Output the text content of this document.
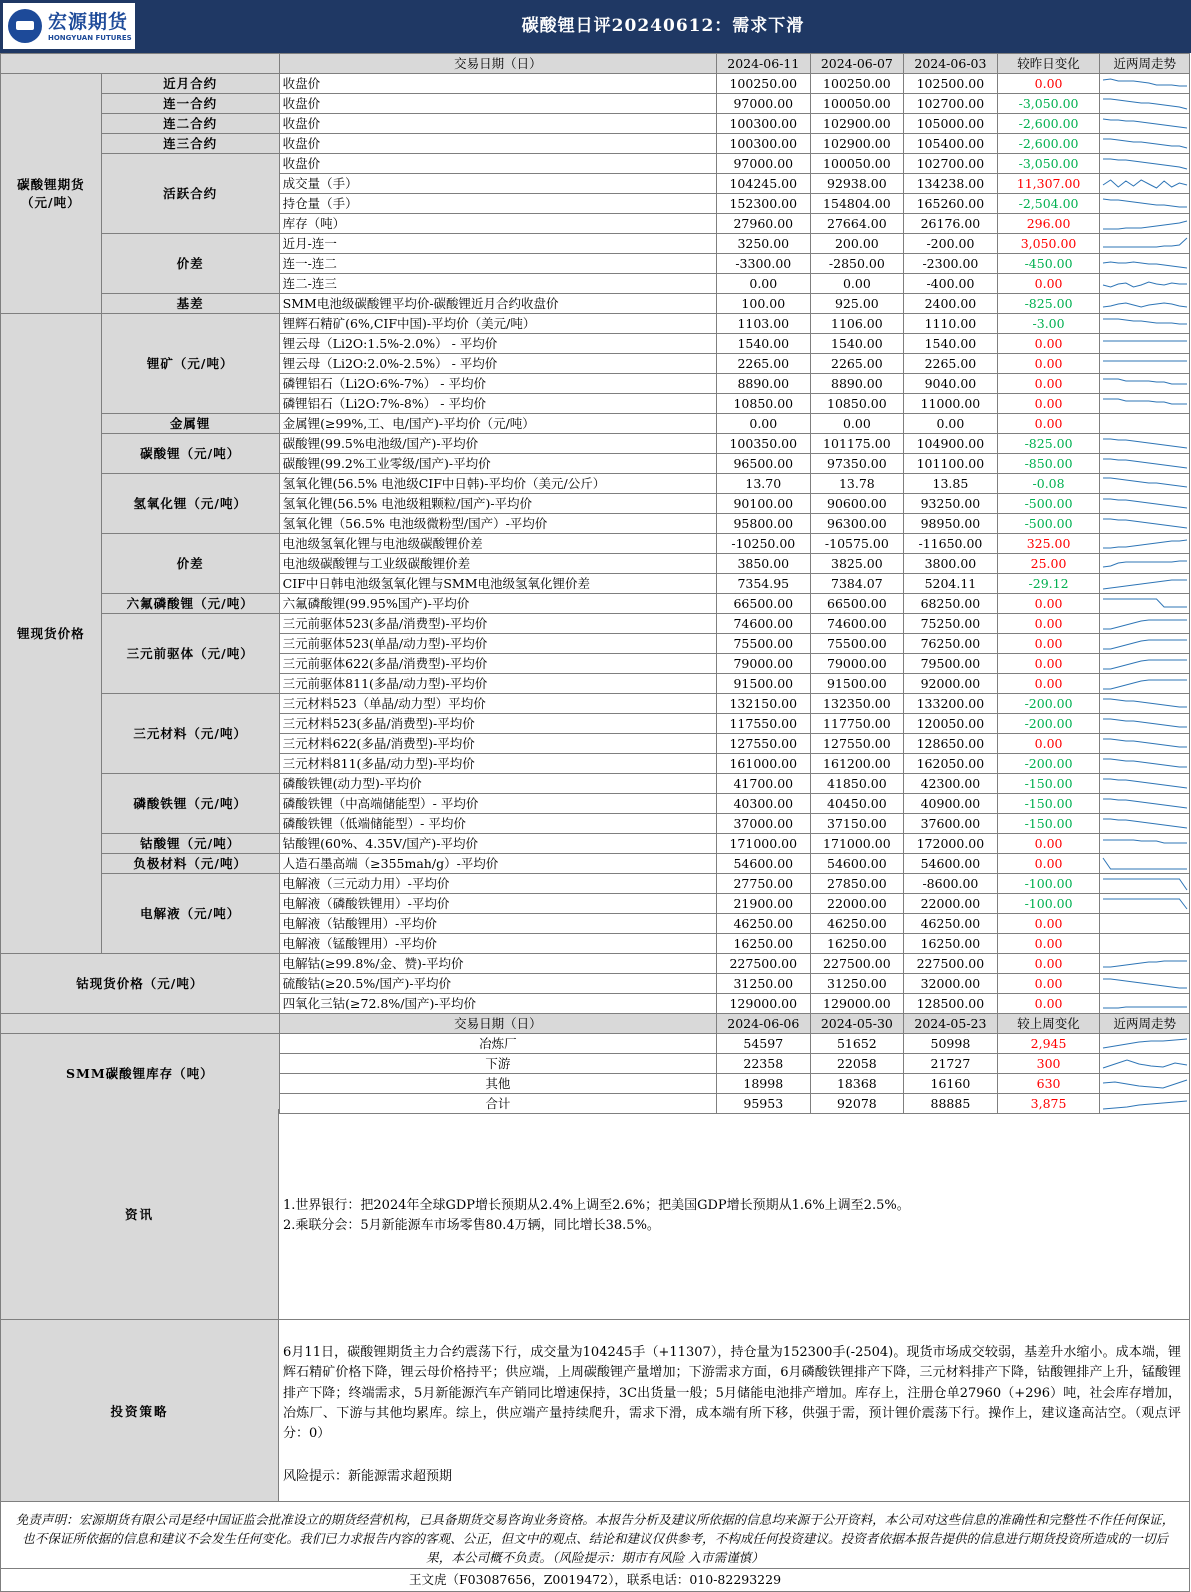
宏源期货
HONGYUAN FUTURES
碳酸锂日评20240612：需求下滑
		交易日期（日）	2024-06-11	2024-06-07	2024-06-03	较昨日变化	近两周走势
碳酸锂期货
（元/吨）	近月合约	收盘价	100250.00	100250.00	102500.00	0.00	

	连一合约	收盘价	97000.00	100050.00	102700.00	-3,050.00	

	连二合约	收盘价	100300.00	102900.00	105000.00	-2,600.00	

	连三合约	收盘价	100300.00	102900.00	105400.00	-2,600.00	

	活跃合约	收盘价	97000.00	100050.00	102700.00	-3,050.00	

		成交量（手）	104245.00	92938.00	134238.00	11,307.00	

		持仓量（手）	152300.00	154804.00	165260.00	-2,504.00	

		库存（吨）	27960.00	27664.00	26176.00	296.00	

	价差	近月-连一	3250.00	200.00	-200.00	3,050.00	

		连一-连二	-3300.00	-2850.00	-2300.00	-450.00	

		连二-连三	0.00	0.00	-400.00	0.00	

	基差	SMM电池级碳酸锂平均价-碳酸锂近月合约收盘价	100.00	925.00	2400.00	-825.00	

锂现货价格	锂矿（元/吨）	锂辉石精矿(6%,CIF中国)-平均价（美元/吨）	1103.00	1106.00	1110.00	-3.00	

		锂云母（Li2O:1.5%-2.0%） - 平均价	1540.00	1540.00	1540.00	0.00	

		锂云母（Li2O:2.0%-2.5%） - 平均价	2265.00	2265.00	2265.00	0.00	

		磷锂铝石（Li2O:6%-7%） - 平均价	8890.00	8890.00	9040.00	0.00	

		磷锂铝石（Li2O:7%-8%） - 平均价	10850.00	10850.00	11000.00	0.00	

	金属锂	金属锂(≥99%,工、电/国产)-平均价（元/吨）	0.00	0.00	0.00	0.00	

	碳酸锂（元/吨）	碳酸锂(99.5%电池级/国产)-平均价	100350.00	101175.00	104900.00	-825.00	

		碳酸锂(99.2%工业零级/国产)-平均价	96500.00	97350.00	101100.00	-850.00	

	氢氧化锂（元/吨）	氢氧化锂(56.5% 电池级CIF中日韩)-平均价（美元/公斤）	13.70	13.78	13.85	-0.08	

		氢氧化锂(56.5% 电池级粗颗粒/国产)-平均价	90100.00	90600.00	93250.00	-500.00	

		氢氧化锂（56.5% 电池级微粉型/国产）-平均价	95800.00	96300.00	98950.00	-500.00	

	价差	电池级氢氧化锂与电池级碳酸锂价差	-10250.00	-10575.00	-11650.00	325.00	

		电池级碳酸锂与工业级碳酸锂价差	3850.00	3825.00	3800.00	25.00	

		CIF中日韩电池级氢氧化锂与SMM电池级氢氧化锂价差	7354.95	7384.07	5204.11	-29.12	

	六氟磷酸锂（元/吨）	六氟磷酸锂(99.95%国产)-平均价	66500.00	66500.00	68250.00	0.00	

	三元前驱体（元/吨）	三元前驱体523(多晶/消费型)-平均价	74600.00	74600.00	75250.00	0.00	

		三元前驱体523(单晶/动力型)-平均价	75500.00	75500.00	76250.00	0.00	

		三元前驱体622(多晶/消费型)-平均价	79000.00	79000.00	79500.00	0.00	

		三元前驱体811(多晶/动力型)-平均价	91500.00	91500.00	92000.00	0.00	

	三元材料（元/吨）	三元材料523（单晶/动力型）平均价	132150.00	132350.00	133200.00	-200.00	

		三元材料523(多晶/消费型)-平均价	117550.00	117750.00	120050.00	-200.00	

		三元材料622(多晶/消费型)-平均价	127550.00	127550.00	128650.00	0.00	

		三元材料811(多晶/动力型)-平均价	161000.00	161200.00	162050.00	-200.00	

	磷酸铁锂（元/吨）	磷酸铁锂(动力型)-平均价	41700.00	41850.00	42300.00	-150.00	

		磷酸铁锂（中高端储能型）- 平均价	40300.00	40450.00	40900.00	-150.00	

		磷酸铁锂（低端储能型）- 平均价	37000.00	37150.00	37600.00	-150.00	

	钴酸锂（元/吨）	钴酸锂(60%、4.35V/国产)-平均价	171000.00	171000.00	172000.00	0.00	

	负极材料（元/吨）	人造石墨高端（≥355mah/g）-平均价	54600.00	54600.00	54600.00	0.00	

	电解液（元/吨）	电解液（三元动力用）-平均价	27750.00	27850.00	-8600.00	-100.00	

		电解液（磷酸铁锂用）-平均价	21900.00	22000.00	22000.00	-100.00	

		电解液（钴酸锂用）-平均价	46250.00	46250.00	46250.00	0.00	

		电解液（锰酸锂用）-平均价	16250.00	16250.00	16250.00	0.00	

钴现货价格（元/吨）		电解钴(≥99.8%/金、赞)-平均价	227500.00	227500.00	227500.00	0.00	

		硫酸钴(≥20.5%/国产)-平均价	31250.00	31250.00	32000.00	0.00	

		四氧化三钴(≥72.8%/国产)-平均价	129000.00	129000.00	128500.00	0.00	

		交易日期（日）	2024-06-06	2024-05-30	2024-05-23	较上周变化	近两周走势
SMM碳酸锂库存（吨）		冶炼厂	54597	51652	50998	2,945	

		下游	22358	22058	21727	300	

		其他	18998	18368	16160	630	

		合计	95953	92078	88885	3,875	
资讯
1.世界银行：把2024年全球GDP增长预期从2.4%上调至2.6%；把美国GDP增长预期从1.6%上调至2.5%。
2.乘联分会：5月新能源车市场零售80.4万辆，同比增长38.5%。
投资策略
6月11日，碳酸锂期货主力合约震荡下行，成交量为104245手（+11307），持仓量为152300手(-2504)。现货市场成交较弱，基差升水缩小。成本端，锂辉石精矿价格下降，锂云母价格持平；供应端，上周碳酸锂产量增加；下游需求方面，6月磷酸铁锂排产下降，三元材料排产下降，钴酸锂排产上升，锰酸锂排产下降；终端需求，5月新能源汽车产销同比增速保持，3C出货量一般；5月储能电池排产增加。库存上，注册仓单27960（+296）吨，社会库存增加，冶炼厂、下游与其他均累库。综上，供应端产量持续爬升，需求下滑，成本端有所下移，供强于需，预计锂价震荡下行。操作上，建议逢高沽空。（观点评分：0）
风险提示：新能源需求超预期
免责声明：宏源期货有限公司是经中国证监会批准设立的期货经营机构，已具备期货交易咨询业务资格。本报告分析及建议所依据的信息均来源于公开资料，本公司对这些信息的准确性和完整性不作任何保证，也不保证所依据的信息和建议不会发生任何变化。我们已力求报告内容的客观、公正，但文中的观点、结论和建议仅供参考，不构成任何投资建议。投资者依据本报告提供的信息进行期货投资所造成的一切后果，本公司概不负责。（风险提示：期市有风险 入市需谨慎）
王文虎（F03087656，Z0019472），联系电话：010-82293229
